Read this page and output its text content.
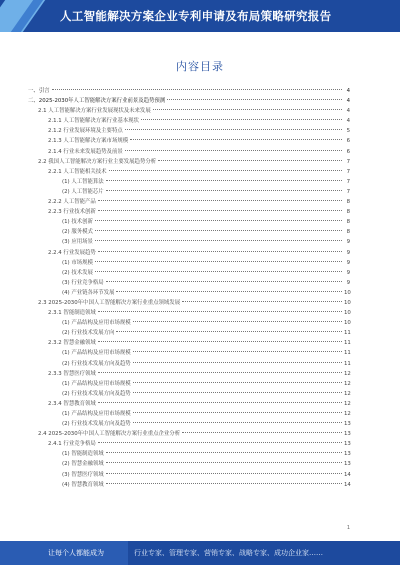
人工智能解决方案企业专利申请及布局策略研究报告
内容目录
一、引言	4
二、2025-2030年人工智能解决方案行业前景及趋势预测	4
2.1 人工智能解决方案行业发展现状及未来发展	4
2.1.1 人工智能解决方案行业基本现状	4
2.1.2 行业发展环境及主要特点	5
2.1.3 人工智能解决方案市场规模	6
2.1.4 行业未来发展趋势及前景	6
2.2 我国人工智能解决方案行业主要发展趋势分析	7
2.2.1 人工智能相关技术	7
(1) 人工智能算法	7
(2) 人工智能芯片	7
2.2.2 人工智能产品	8
2.2.3 行业技术创新	8
(1) 技术创新	8
(2) 服务模式	8
(3) 应用场景	9
2.2.4 行业发展趋势	9
(1) 市场规模	9
(2) 技术发展	9
(3) 行业竞争格局	9
(4) 产业链各环节发展	10
2.3 2025-2030年中国人工智能解决方案行业重点领域发展	10
2.3.1 智能制造领域	10
(1) 产品结构及应用市场规模	10
(2) 行业技术发展方向	11
2.3.2 智慧金融领域	11
(1) 产品结构及应用市场规模	11
(2) 行业技术发展方向及趋势	11
2.3.3 智慧医疗领域	12
(1) 产品结构及应用市场规模	12
(2) 行业技术发展方向及趋势	12
2.3.4 智慧教育领域	12
(1) 产品结构及应用市场规模	12
(2) 行业技术发展方向及趋势	13
2.4 2025-2030年中国人工智能解决方案行业重点企业分析	13
2.4.1 行业竞争格局	13
(1) 智能制造领域	13
(2) 智慧金融领域	13
(3) 智慧医疗领域	14
(4) 智慧教育领域	14
1
让每个人都能成为	行业专家、管理专家、营销专家、战略专家、成功企业家……
